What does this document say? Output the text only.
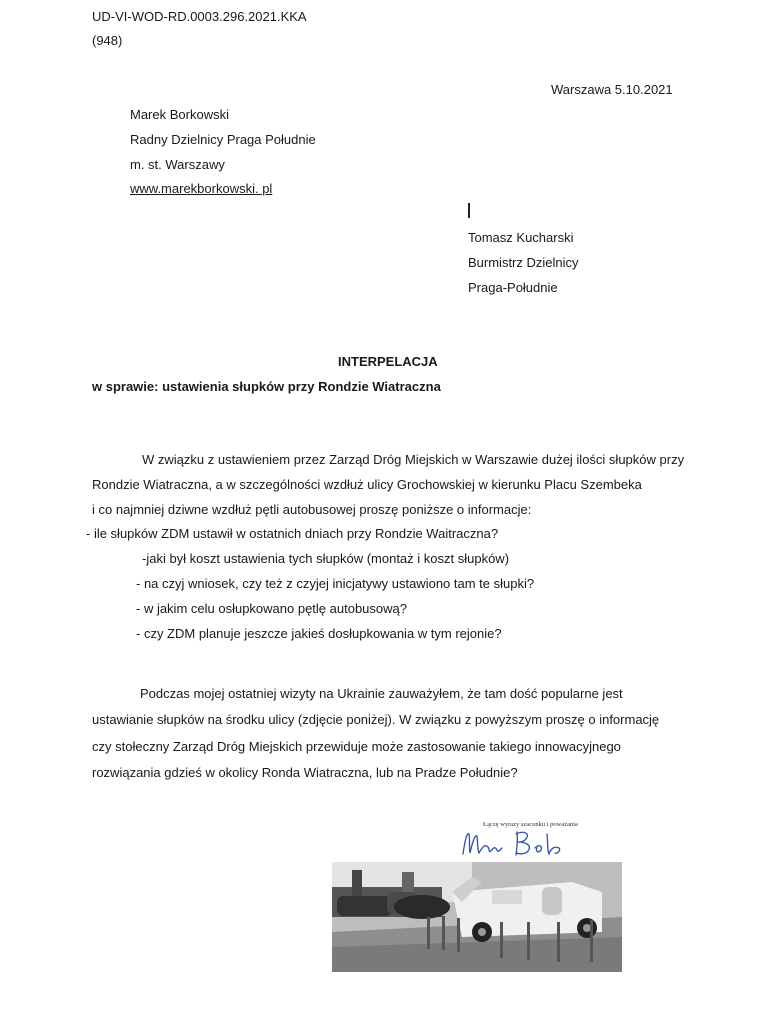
UD-VI-WOD-RD.0003.296.2021.KKA
(948)
Warszawa 5.10.2021
Marek Borkowski
Radny Dzielnicy Praga Południe
m. st. Warszawy
www.marekborkowski. pl
Tomasz Kucharski
Burmistrz Dzielnicy
Praga-Południe
INTERPELACJA
w sprawie: ustawienia słupków przy Rondzie Wiatraczna
W związku z ustawieniem przez Zarząd Dróg Miejskich w Warszawie dużej ilości słupków przy
Rondzie Wiatraczna, a w szczególności wzdłuż ulicy Grochowskiej w kierunku Placu Szembeka
i co najmniej dziwne wzdłuż pętli autobusowej proszę poniższe o informacje:
- ile słupków ZDM ustawił w ostatnich dniach przy Rondzie Waitraczna?
-jaki był koszt ustawienia tych słupków (montaż i koszt słupków)
- na czyj wniosek, czy też z czyjej inicjatywy ustawiono tam te słupki?
- w jakim celu osłupkowano pętlę autobusową?
- czy ZDM planuje jeszcze jakieś dosłupkowania w tym rejonie?
Podczas mojej ostatniej wizyty na Ukrainie zauważyłem, że tam dość popularne jest
ustawianie słupków na środku ulicy (zdjęcie poniżej). W związku z powyższym proszę o informację
czy stołeczny Zarząd Dróg Miejskich przewiduje może zastosowanie takiego innowacyjnego
rozwiązania gdzieś w okolicy Ronda Wiatraczna, lub na Pradze Południe?
Łączę wyrazy szacunku i poważania
